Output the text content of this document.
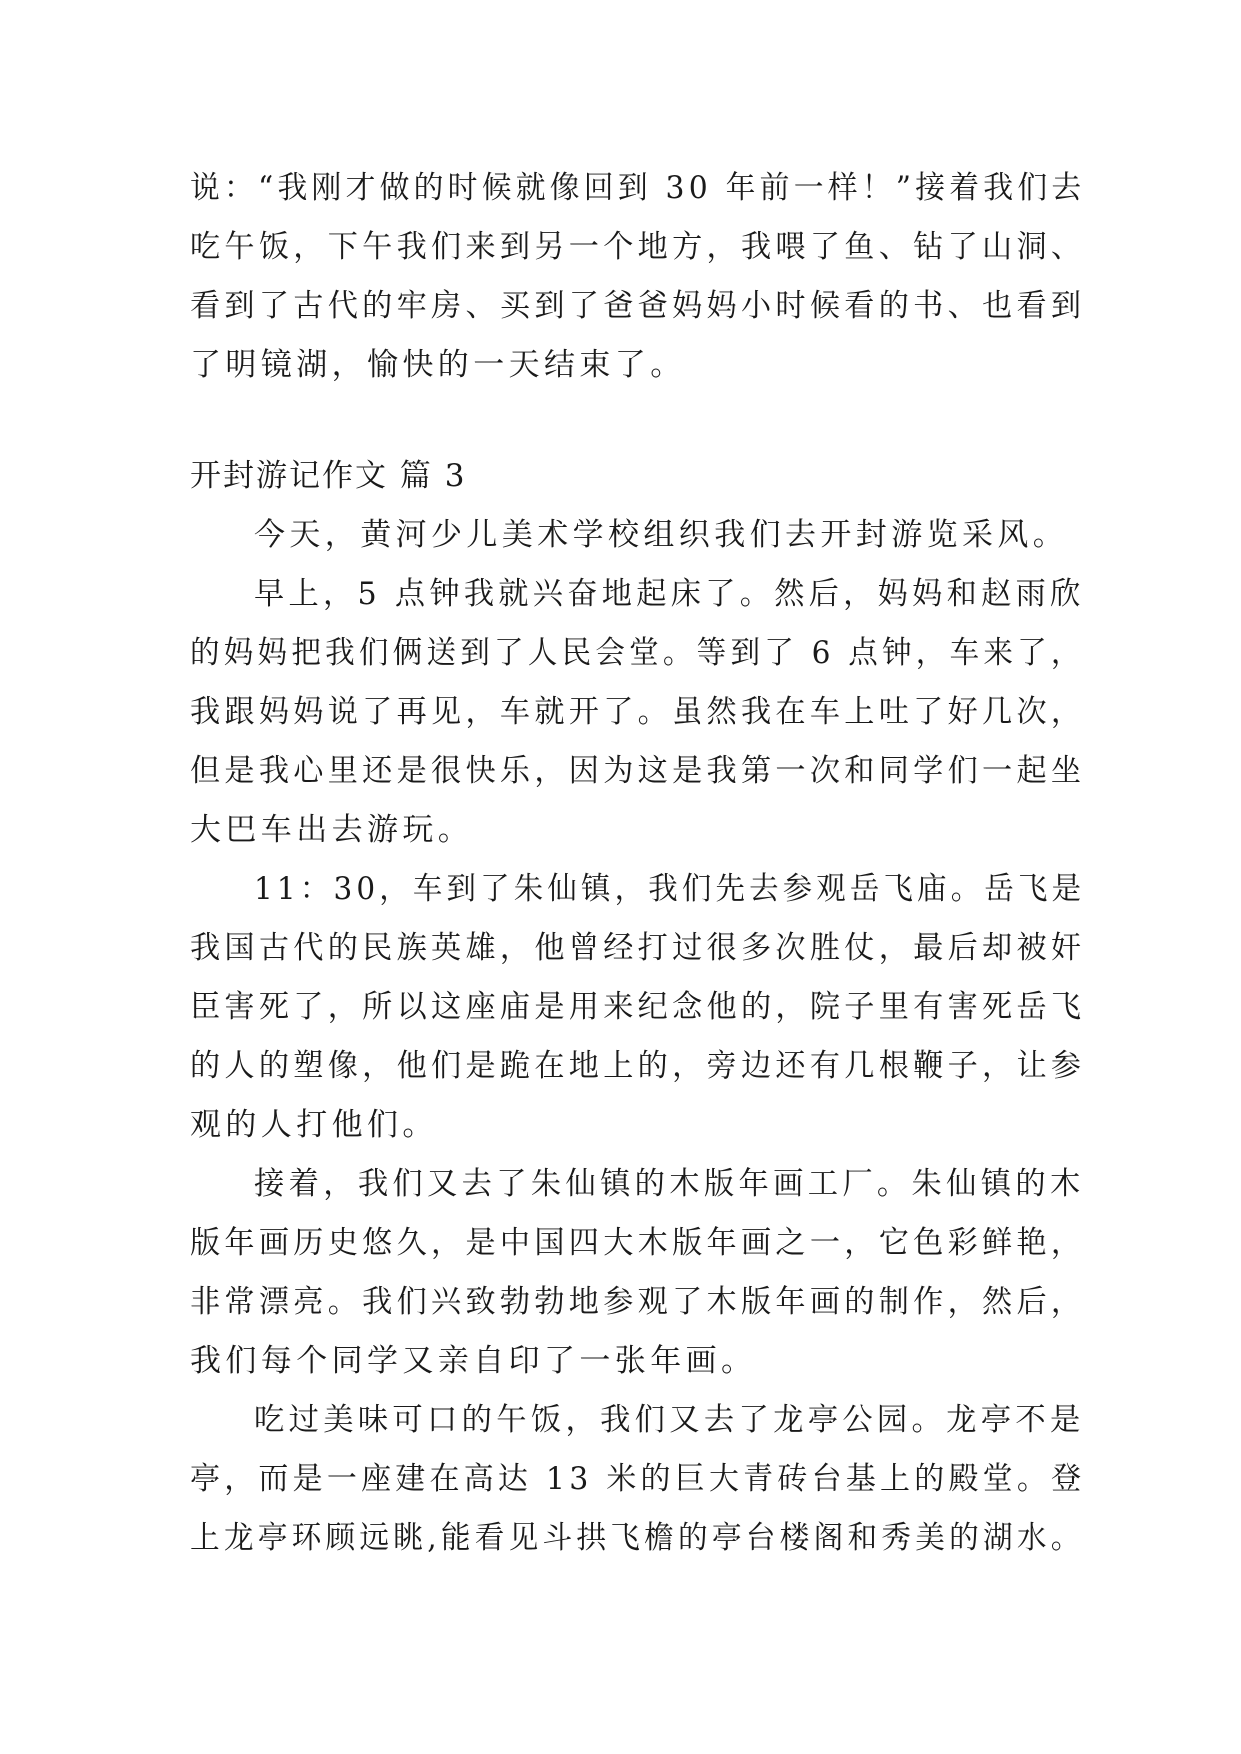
说：“我刚才做的时候就像回到 30 年前一样！”接着我们去
吃午饭，下午我们来到另一个地方，我喂了鱼、钻了山洞、
看到了古代的牢房、买到了爸爸妈妈小时候看的书、也看到
了明镜湖，愉快的一天结束了。
开封游记作文 篇 3
今天，黄河少儿美术学校组织我们去开封游览采风。
早上，5 点钟我就兴奋地起床了。然后，妈妈和赵雨欣
的妈妈把我们俩送到了人民会堂。等到了 6 点钟，车来了，
我跟妈妈说了再见，车就开了。虽然我在车上吐了好几次，
但是我心里还是很快乐，因为这是我第一次和同学们一起坐
大巴车出去游玩。
11：30，车到了朱仙镇，我们先去参观岳飞庙。岳飞是
我国古代的民族英雄，他曾经打过很多次胜仗，最后却被奸
臣害死了，所以这座庙是用来纪念他的，院子里有害死岳飞
的人的塑像，他们是跪在地上的，旁边还有几根鞭子，让参
观的人打他们。
接着，我们又去了朱仙镇的木版年画工厂。朱仙镇的木
版年画历史悠久，是中国四大木版年画之一，它色彩鲜艳，
非常漂亮。我们兴致勃勃地参观了木版年画的制作，然后，
我们每个同学又亲自印了一张年画。
吃过美味可口的午饭，我们又去了龙亭公园。龙亭不是
亭，而是一座建在高达 13 米的巨大青砖台基上的殿堂。登
上龙亭环顾远眺,能看见斗拱飞檐的亭台楼阁和秀美的湖水。
